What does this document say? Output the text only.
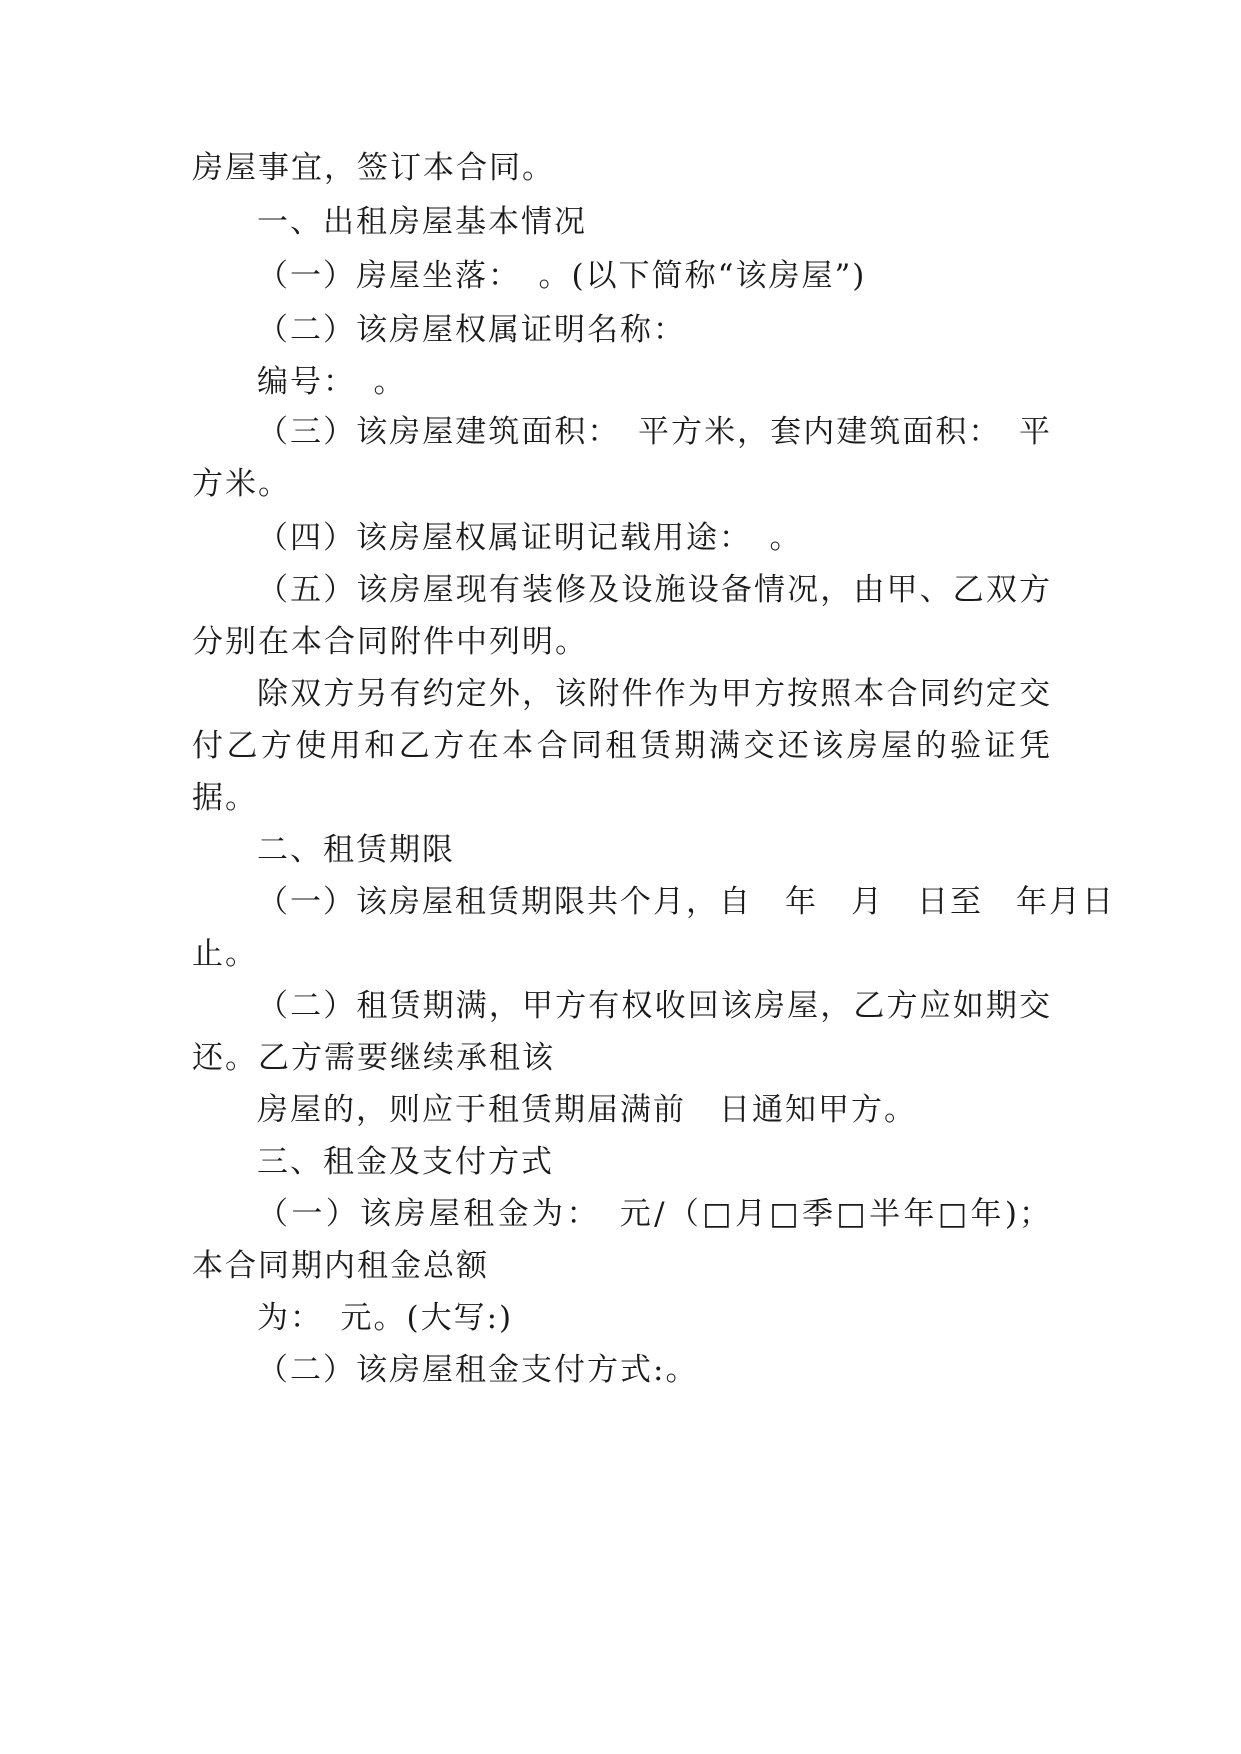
房屋事宜，签订本合同。
一、出租房屋基本情况
（一）房屋坐落：　。(以下简称“该房屋”)
（二）该房屋权属证明名称：
编号：　。
（三）该房屋建筑面积：　平方米，套内建筑面积：　平
方米。
（四）该房屋权属证明记载用途：　。
（五）该房屋现有装修及设施设备情况，由甲、乙双方
分别在本合同附件中列明。
除双方另有约定外，该附件作为甲方按照本合同约定交
付乙方使用和乙方在本合同租赁期满交还该房屋的验证凭
据。
二、租赁期限
（一）该房屋租赁期限共个月，自　年　月　日至　年月日
止。
（二）租赁期满，甲方有权收回该房屋，乙方应如期交
还。乙方需要继续承租该
房屋的，则应于租赁期届满前　日通知甲方。
三、租金及支付方式
（一）该房屋租金为：　元/（□月□季□半年□年)；
本合同期内租金总额
为：　元。(大写:)
（二）该房屋租金支付方式:。
